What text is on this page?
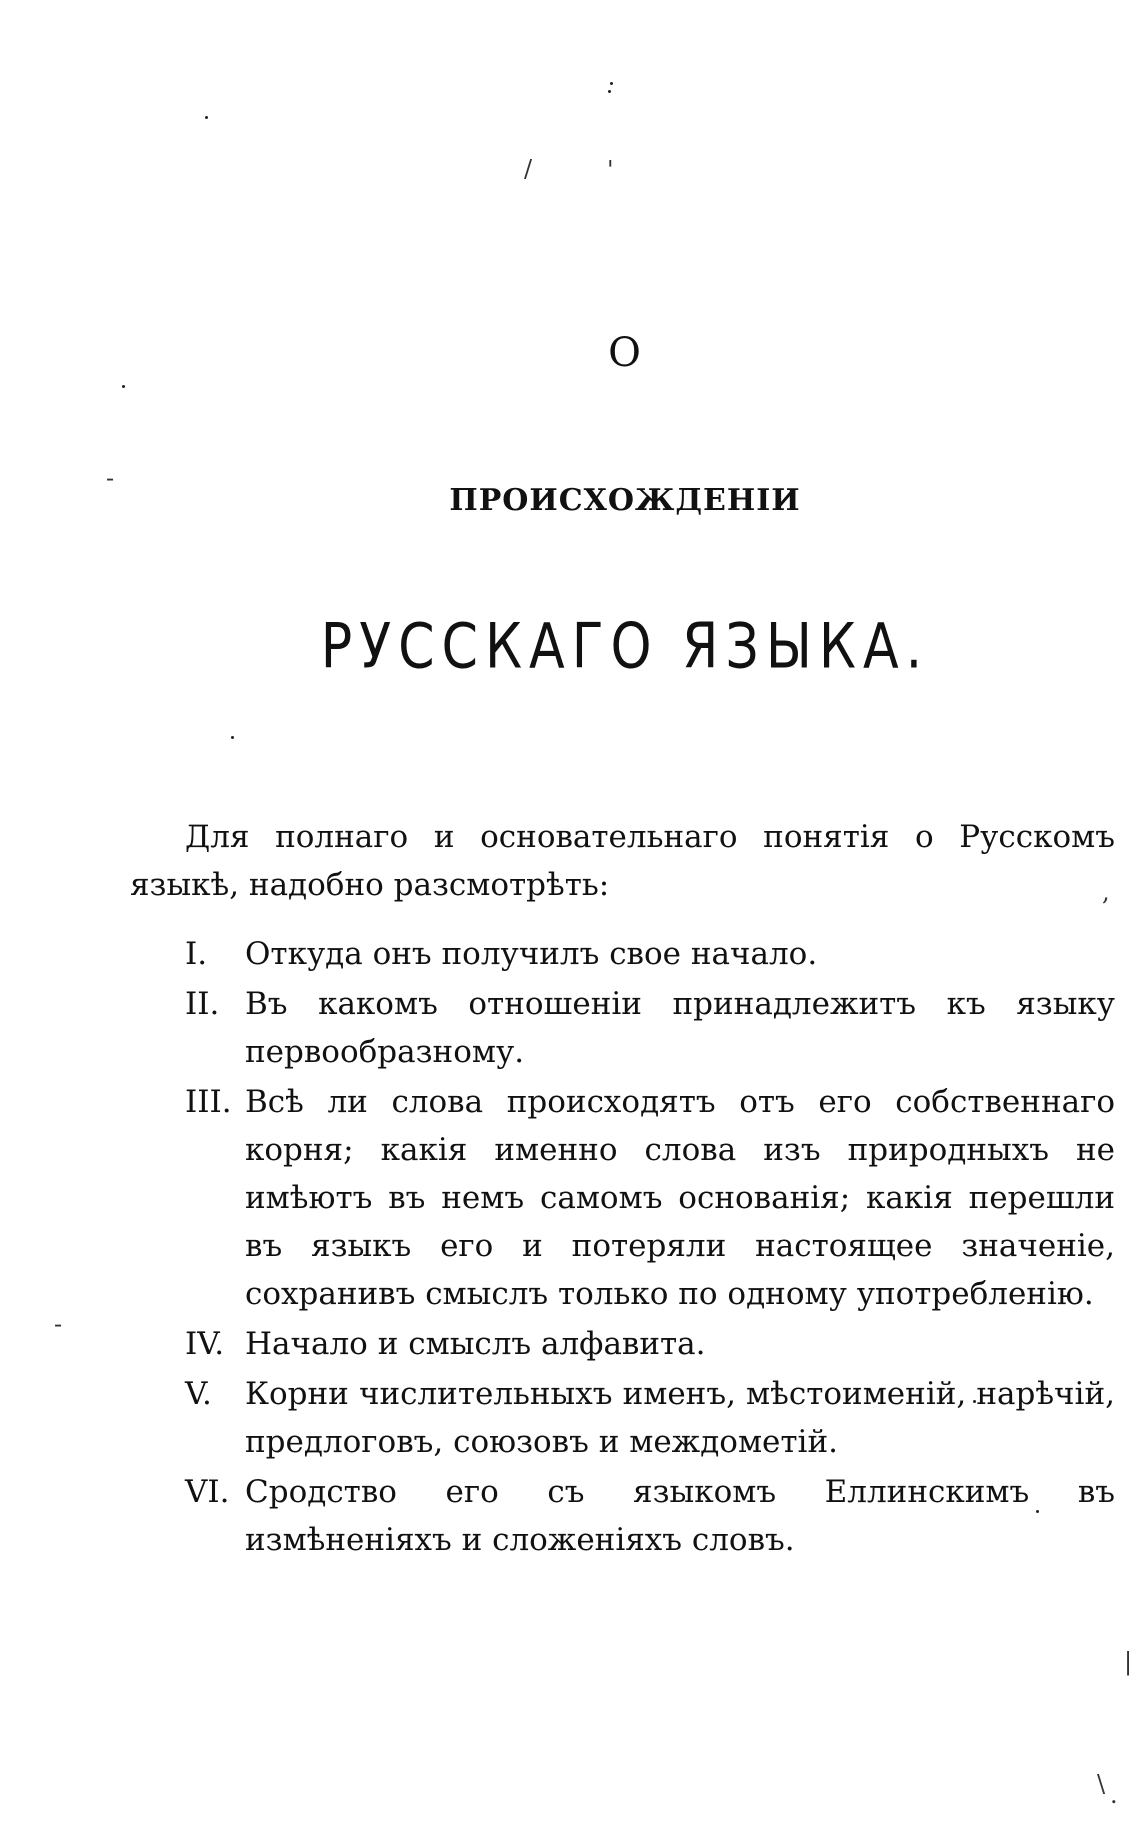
/	'
-
,
-
|
\ .
О
ПРОИСХОЖДЕНІИ
РУССКАГО ЯЗЫКА.

Для полнаго и основательнаго понятія о Русскомъ языкѣ, надобно разсмотрѣть:

I.	Откуда онъ получилъ свое начало.
II. Въ какомъ отношеніи принадлежитъ къ языку первообразному.
III. Всѣ ли слова происходятъ отъ его собственнаго корня; какія именно слова изъ природныхъ не имѣютъ въ немъ самомъ основанія; какія перешли въ языкъ его и потеряли настоящее значеніе, сохранивъ смыслъ только по одному употребленію.
IV. Начало и смыслъ алфавита.
V.	Корни числительныхъ именъ, мѣстоименій, нарѣчій, предлоговъ, союзовъ и междометій.
VI. Сродство его съ языкомъ Еллинскимъ въ измѣненіяхъ и сложеніяхъ словъ.
